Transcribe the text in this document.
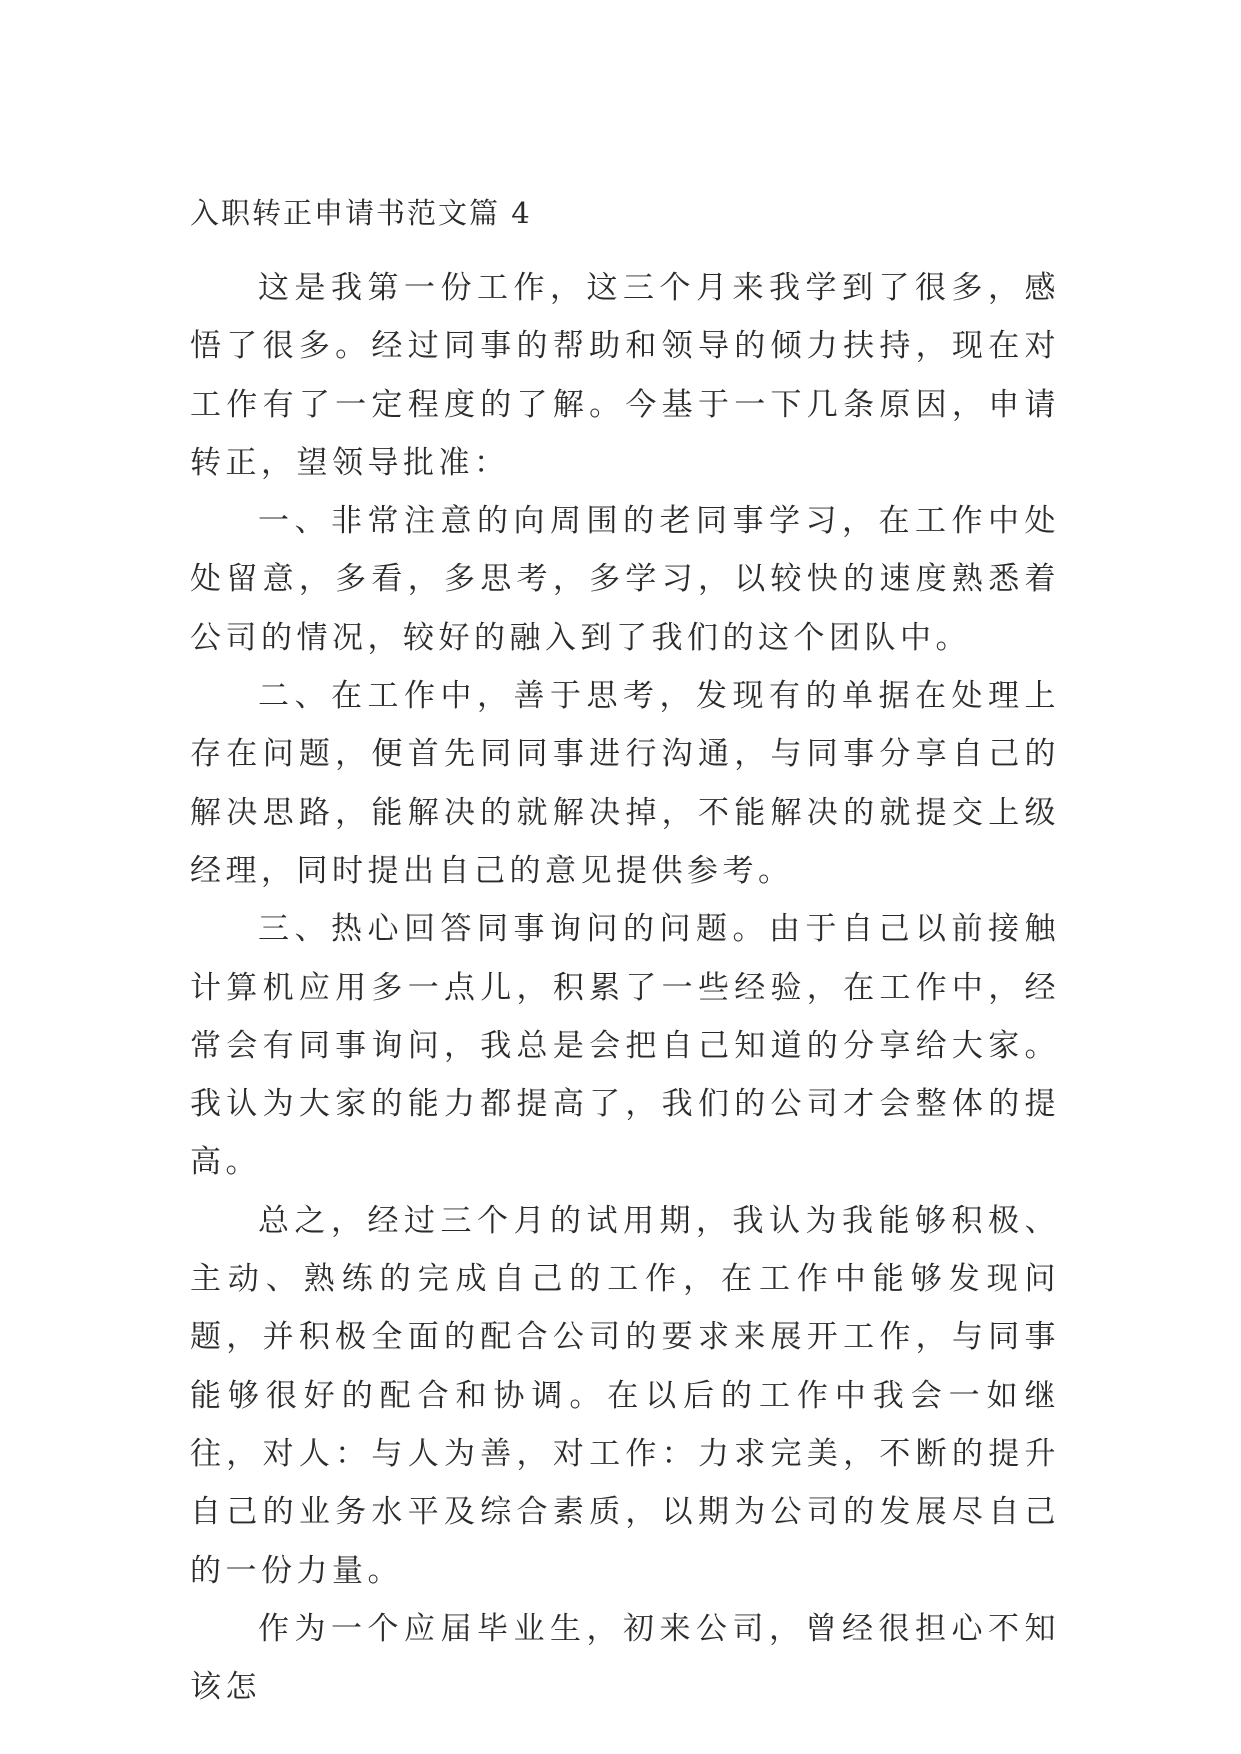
入职转正申请书范文篇 4

这是我第一份工作，这三个月来我学到了很多，感悟了很多。经过同事的帮助和领导的倾力扶持，现在对工作有了一定程度的了解。今基于一下几条原因，申请转正，望领导批准：

一、非常注意的向周围的老同事学习，在工作中处处留意，多看，多思考，多学习，以较快的速度熟悉着公司的情况，较好的融入到了我们的这个团队中。

二、在工作中，善于思考，发现有的单据在处理上存在问题，便首先同同事进行沟通，与同事分享自己的解决思路，能解决的就解决掉，不能解决的就提交上级经理，同时提出自己的意见提供参考。

三、热心回答同事询问的问题。由于自己以前接触计算机应用多一点儿，积累了一些经验，在工作中，经常会有同事询问，我总是会把自己知道的分享给大家。我认为大家的能力都提高了，我们的公司才会整体的提高。

总之，经过三个月的试用期，我认为我能够积极、主动、熟练的完成自己的工作，在工作中能够发现问题，并积极全面的配合公司的要求来展开工作，与同事能够很好的配合和协调。在以后的工作中我会一如继往，对人：与人为善，对工作：力求完美，不断的提升自己的业务水平及综合素质，以期为公司的发展尽自己的一份力量。

作为一个应届毕业生，初来公司，曾经很担心不知该怎
